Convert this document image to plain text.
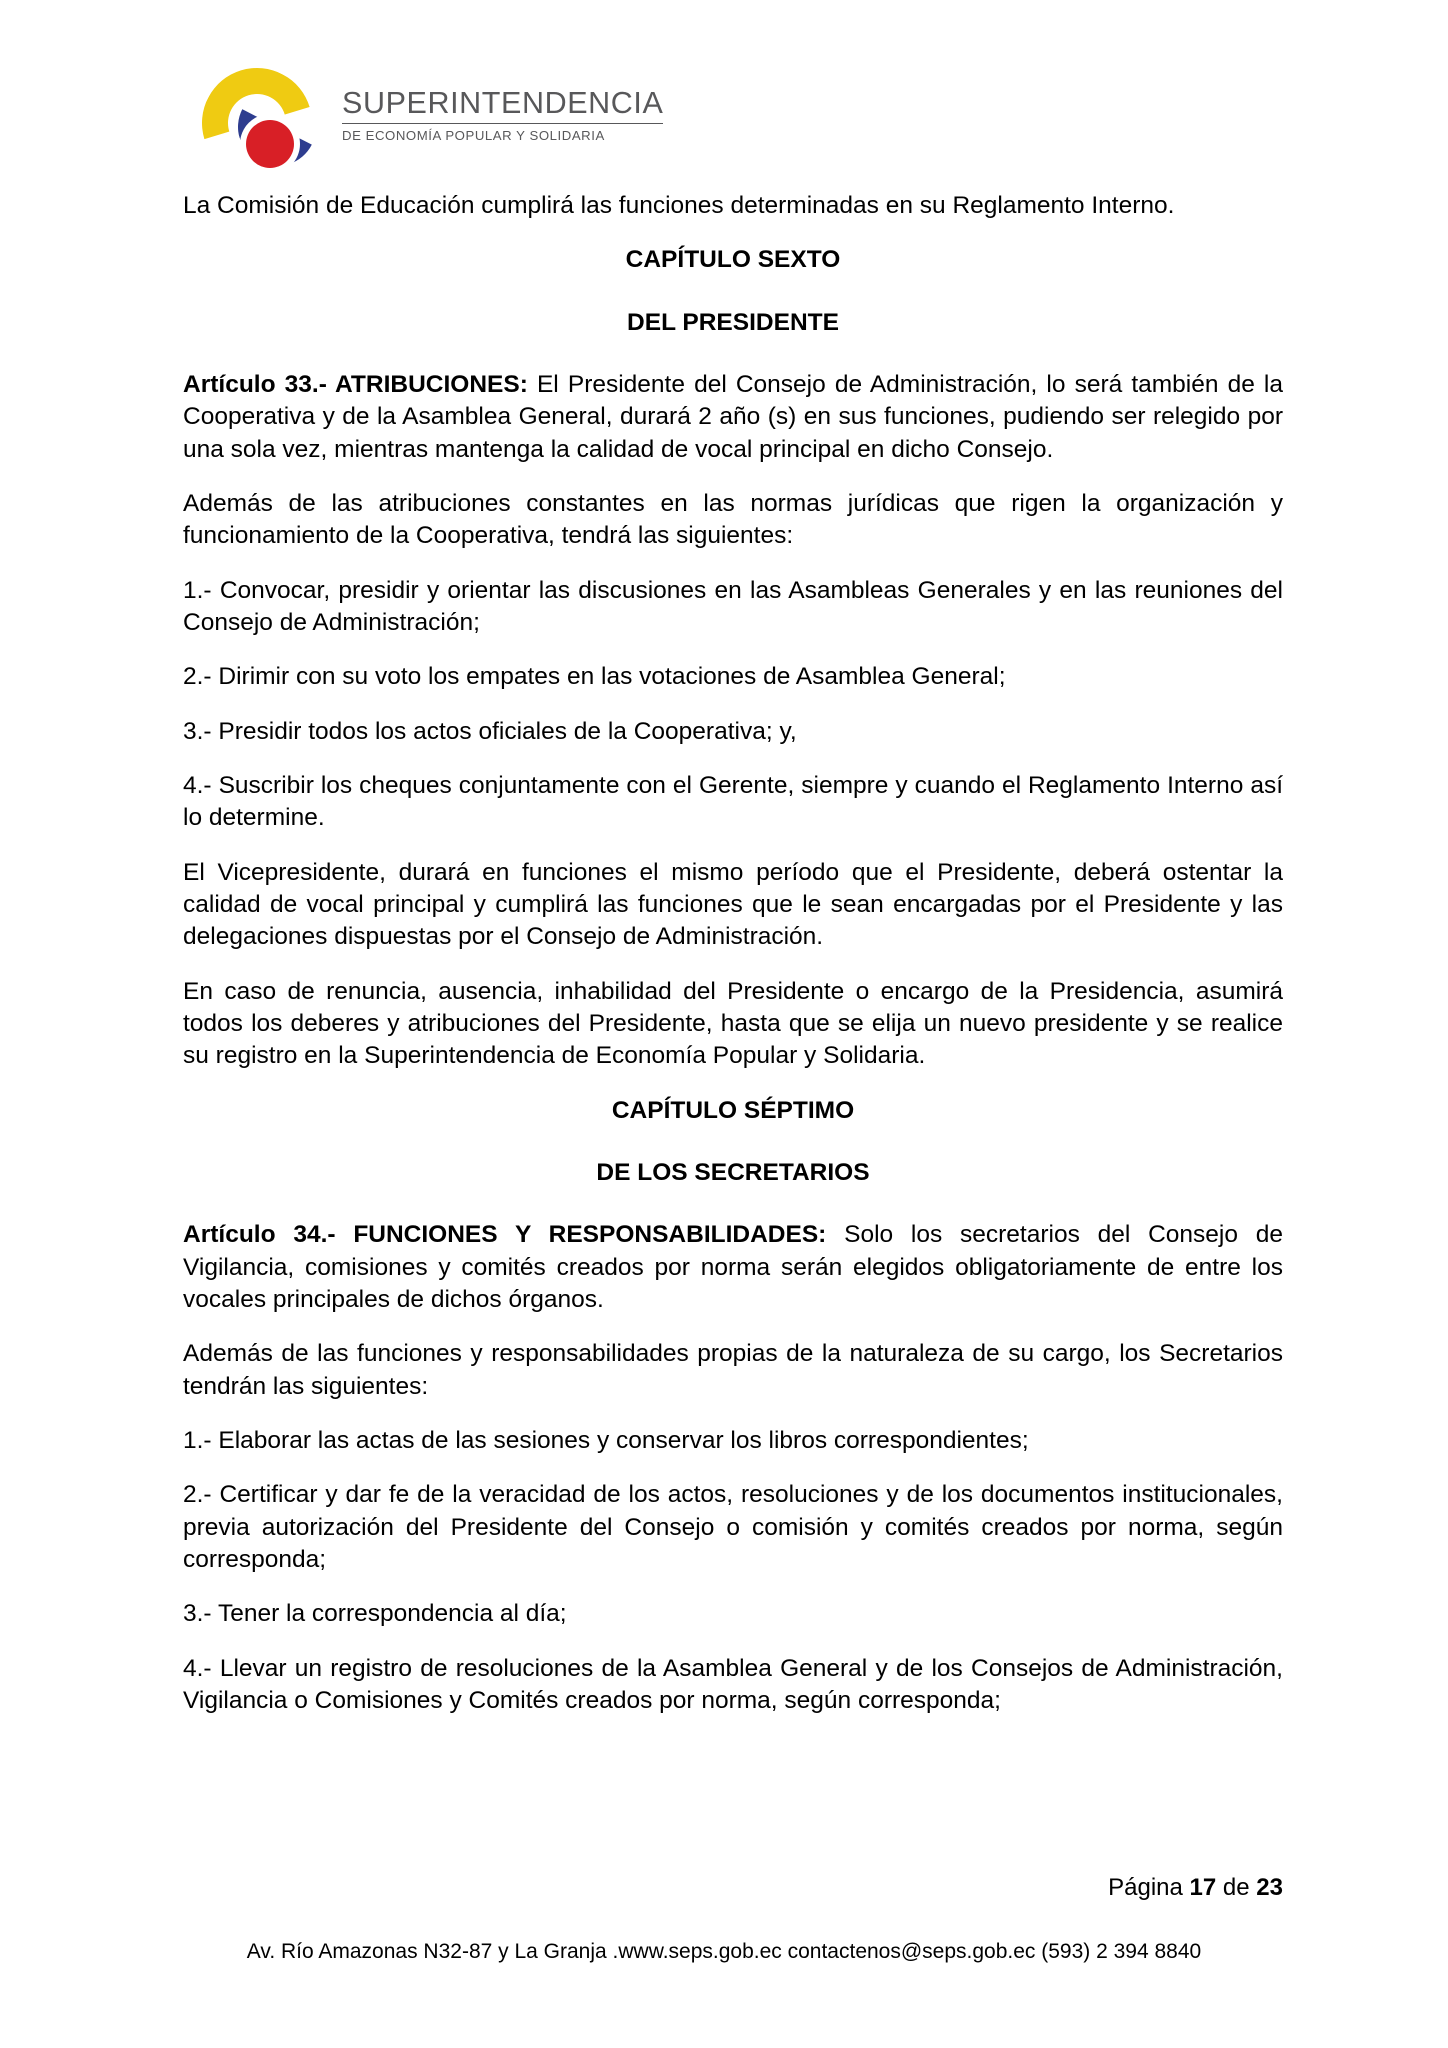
SUPERINTENDENCIA
DE ECONOMÍA POPULAR Y SOLIDARIA

La Comisión de Educación cumplirá las funciones determinadas en su Reglamento Interno.

CAPÍTULO SEXTO
DEL PRESIDENTE

Artículo 33.- ATRIBUCIONES: El Presidente del Consejo de Administración, lo será también de la Cooperativa y de la Asamblea General, durará 2 año (s) en sus funciones, pudiendo ser relegido por una sola vez, mientras mantenga la calidad de vocal principal en dicho Consejo.

Además de las atribuciones constantes en las normas jurídicas que rigen la organización y funcionamiento de la Cooperativa, tendrá las siguientes:

1.- Convocar, presidir y orientar las discusiones en las Asambleas Generales y en las reuniones del Consejo de Administración;

2.- Dirimir con su voto los empates en las votaciones de Asamblea General;

3.- Presidir todos los actos oficiales de la Cooperativa; y,

4.- Suscribir los cheques conjuntamente con el Gerente, siempre y cuando el Reglamento Interno así lo determine.

El Vicepresidente, durará en funciones el mismo período que el Presidente, deberá ostentar la calidad de vocal principal y cumplirá las funciones que le sean encargadas por el Presidente y las delegaciones dispuestas por el Consejo de Administración.

En caso de renuncia, ausencia, inhabilidad del Presidente o encargo de la Presidencia, asumirá todos los deberes y atribuciones del Presidente, hasta que se elija un nuevo presidente y se realice su registro en la Superintendencia de Economía Popular y Solidaria.

CAPÍTULO SÉPTIMO
DE LOS SECRETARIOS

Artículo 34.- FUNCIONES Y RESPONSABILIDADES: Solo los secretarios del Consejo de Vigilancia, comisiones y comités creados por norma serán elegidos obligatoriamente de entre los vocales principales de dichos órganos.

Además de las funciones y responsabilidades propias de la naturaleza de su cargo, los Secretarios tendrán las siguientes:

1.- Elaborar las actas de las sesiones y conservar los libros correspondientes;

2.- Certificar y dar fe de la veracidad de los actos, resoluciones y de los documentos institucionales, previa autorización del Presidente del Consejo o comisión y comités creados por norma, según corresponda;

3.- Tener la correspondencia al día;

4.- Llevar un registro de resoluciones de la Asamblea General y de los Consejos de Administración, Vigilancia o Comisiones y Comités creados por norma, según corresponda;

Página 17 de 23
Av. Río Amazonas N32-87 y La Granja .www.seps.gob.ec contactenos@seps.gob.ec (593) 2 394 8840
